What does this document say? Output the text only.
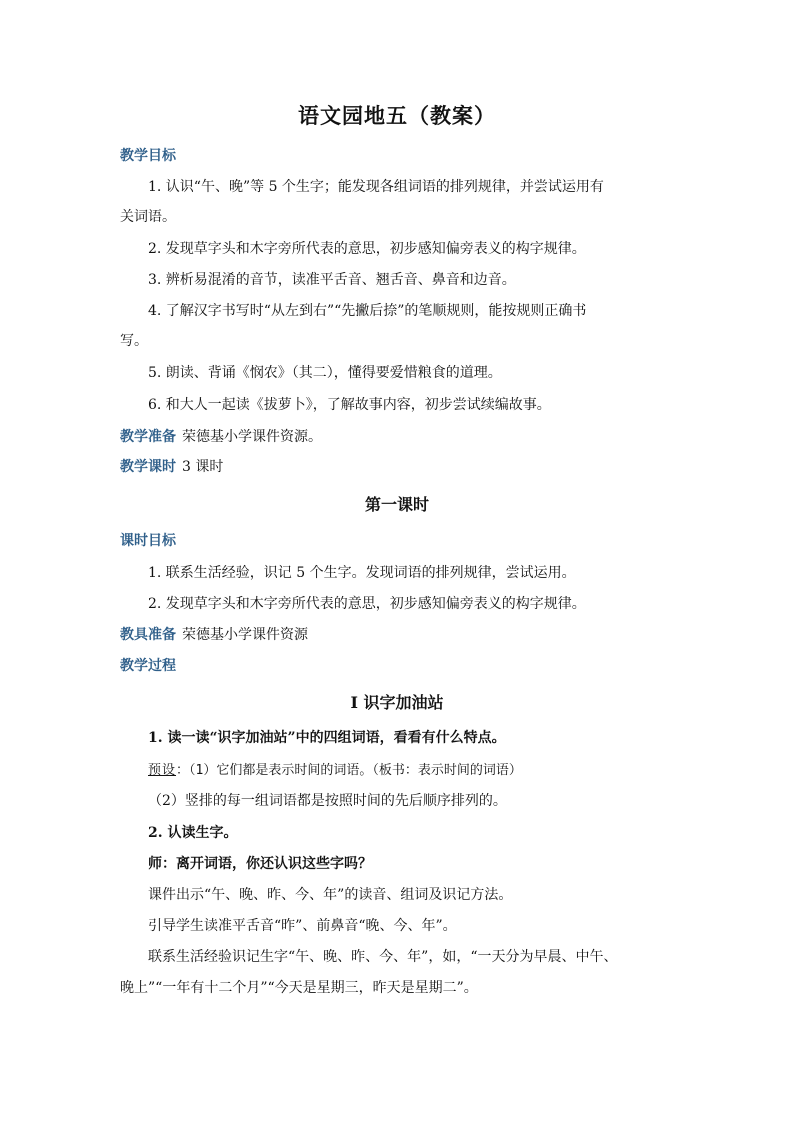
语文园地五（教案）
教学目标
1. 认识“午、晚”等 5 个生字；能发现各组词语的排列规律，并尝试运用有
关词语。
2. 发现草字头和木字旁所代表的意思，初步感知偏旁表义的构字规律。
3. 辨析易混淆的音节，读准平舌音、翘舌音、鼻音和边音。
4. 了解汉字书写时“从左到右”“先撇后捺”的笔顺规则，能按规则正确书
写。
5. 朗读、背诵《悯农》（其二），懂得要爱惜粮食的道理。
6. 和大人一起读《拔萝卜》，了解故事内容，初步尝试续编故事。
教学准备 荣德基小学课件资源。
教学课时 3 课时
第一课时
课时目标
1. 联系生活经验，识记 5 个生字。发现词语的排列规律，尝试运用。
2. 发现草字头和木字旁所代表的意思，初步感知偏旁表义的构字规律。
教具准备 荣德基小学课件资源
教学过程
Ⅰ 识字加油站
1. 读一读“识字加油站”中的四组词语，看看有什么特点。
预设：（1）它们都是表示时间的词语。（板书：表示时间的词语）
（2）竖排的每一组词语都是按照时间的先后顺序排列的。
2. 认读生字。
师：离开词语，你还认识这些字吗？
课件出示“午、晚、昨、今、年”的读音、组词及识记方法。
引导学生读准平舌音“昨”、前鼻音“晚、今、年”。
联系生活经验识记生字“午、晚、昨、今、年”，如，“一天分为早晨、中午、
晚上”“一年有十二个月”“今天是星期三，昨天是星期二”。
